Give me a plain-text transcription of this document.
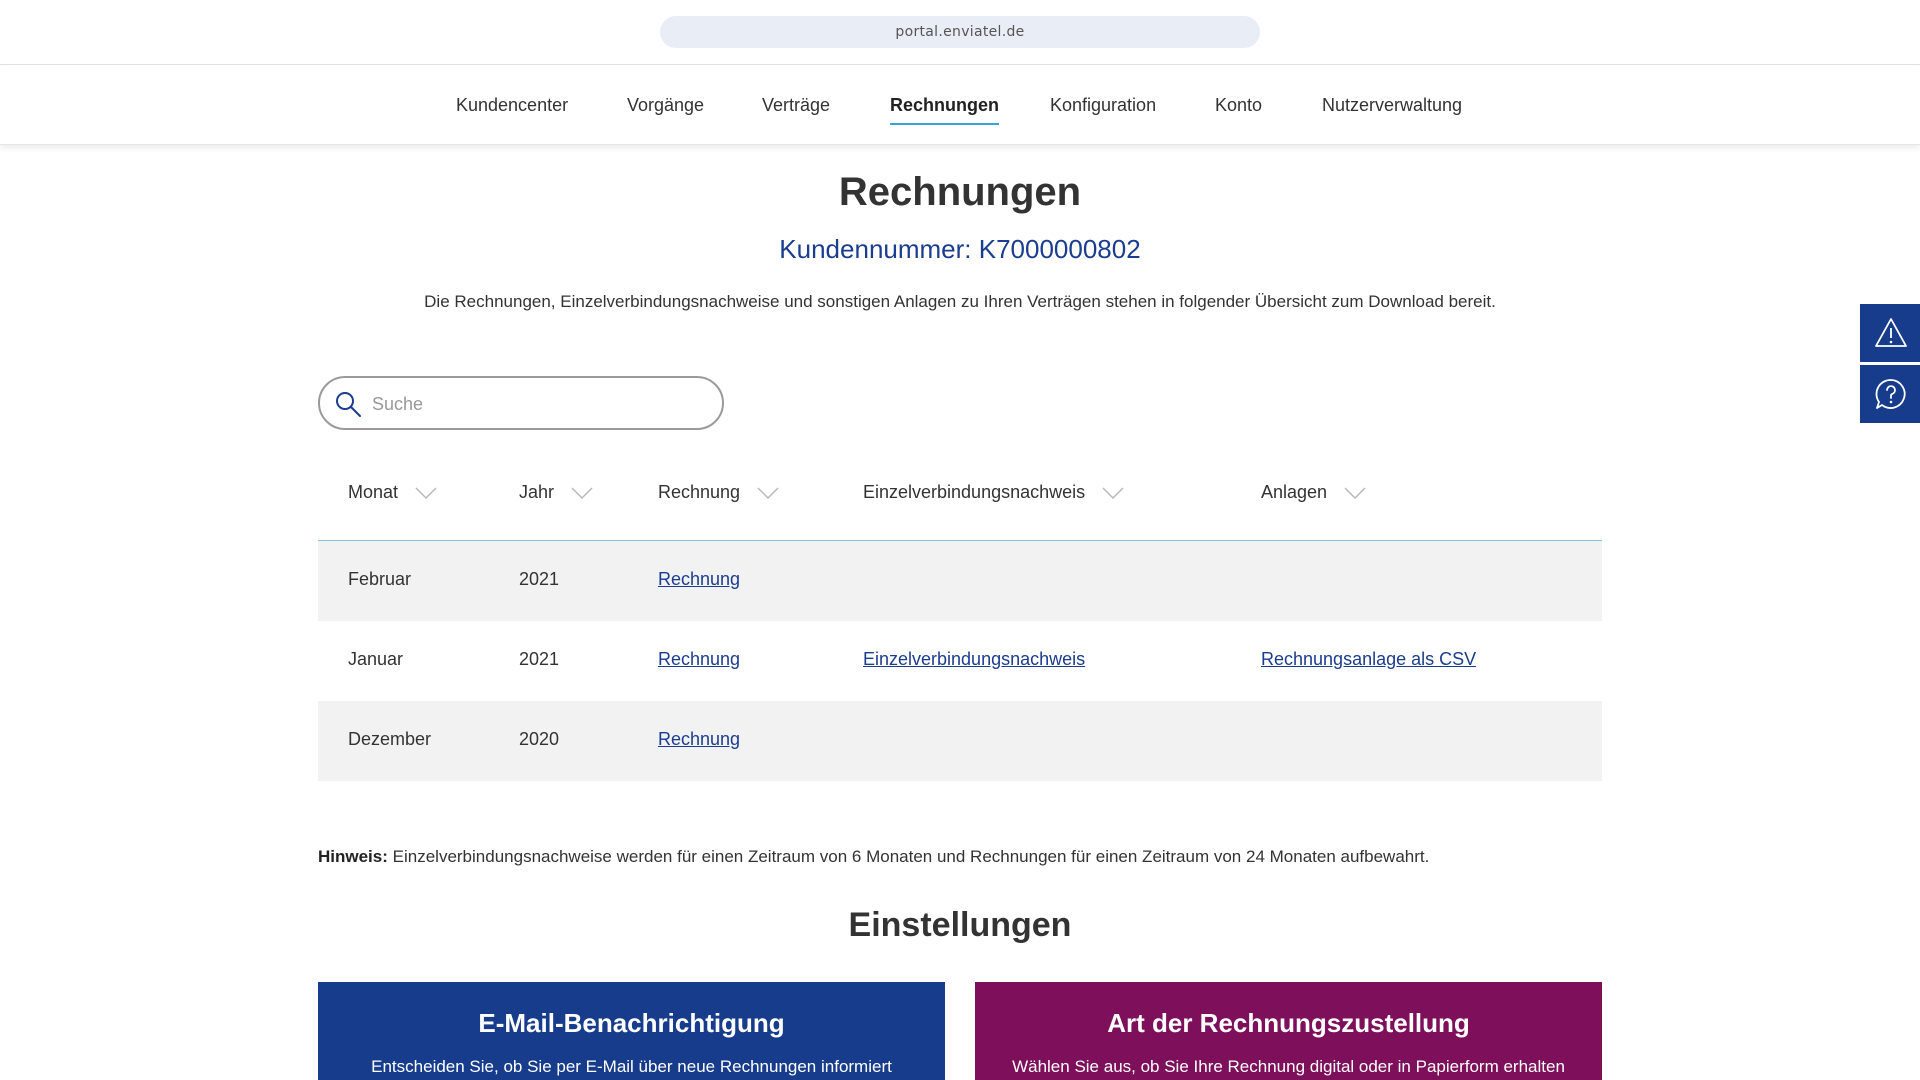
portal.enviatel.de
Kundencenter	Vorgänge	Verträge	Rechnungen	Konfiguration	Konto	Nutzerverwaltung
Rechnungen
Kundennummer: K7000000802
Die Rechnungen, Einzelverbindungsnachweise und sonstigen Anlagen zu Ihren Verträgen stehen in folgender Übersicht zum Download bereit.
Suche
Monat	Jahr	Rechnung	Einzelverbindungsnachweis	Anlagen
Februar	2021	Rechnung
Januar	2021	Rechnung	Einzelverbindungsnachweis	Rechnungsanlage als CSV
Dezember	2020	Rechnung
Hinweis: Einzelverbindungsnachweise werden für einen Zeitraum von 6 Monaten und Rechnungen für einen Zeitraum von 24 Monaten aufbewahrt.
Einstellungen
E-Mail-Benachrichtigung
Entscheiden Sie, ob Sie per E-Mail über neue Rechnungen informiert
Art der Rechnungszustellung
Wählen Sie aus, ob Sie Ihre Rechnung digital oder in Papierform erhalten
